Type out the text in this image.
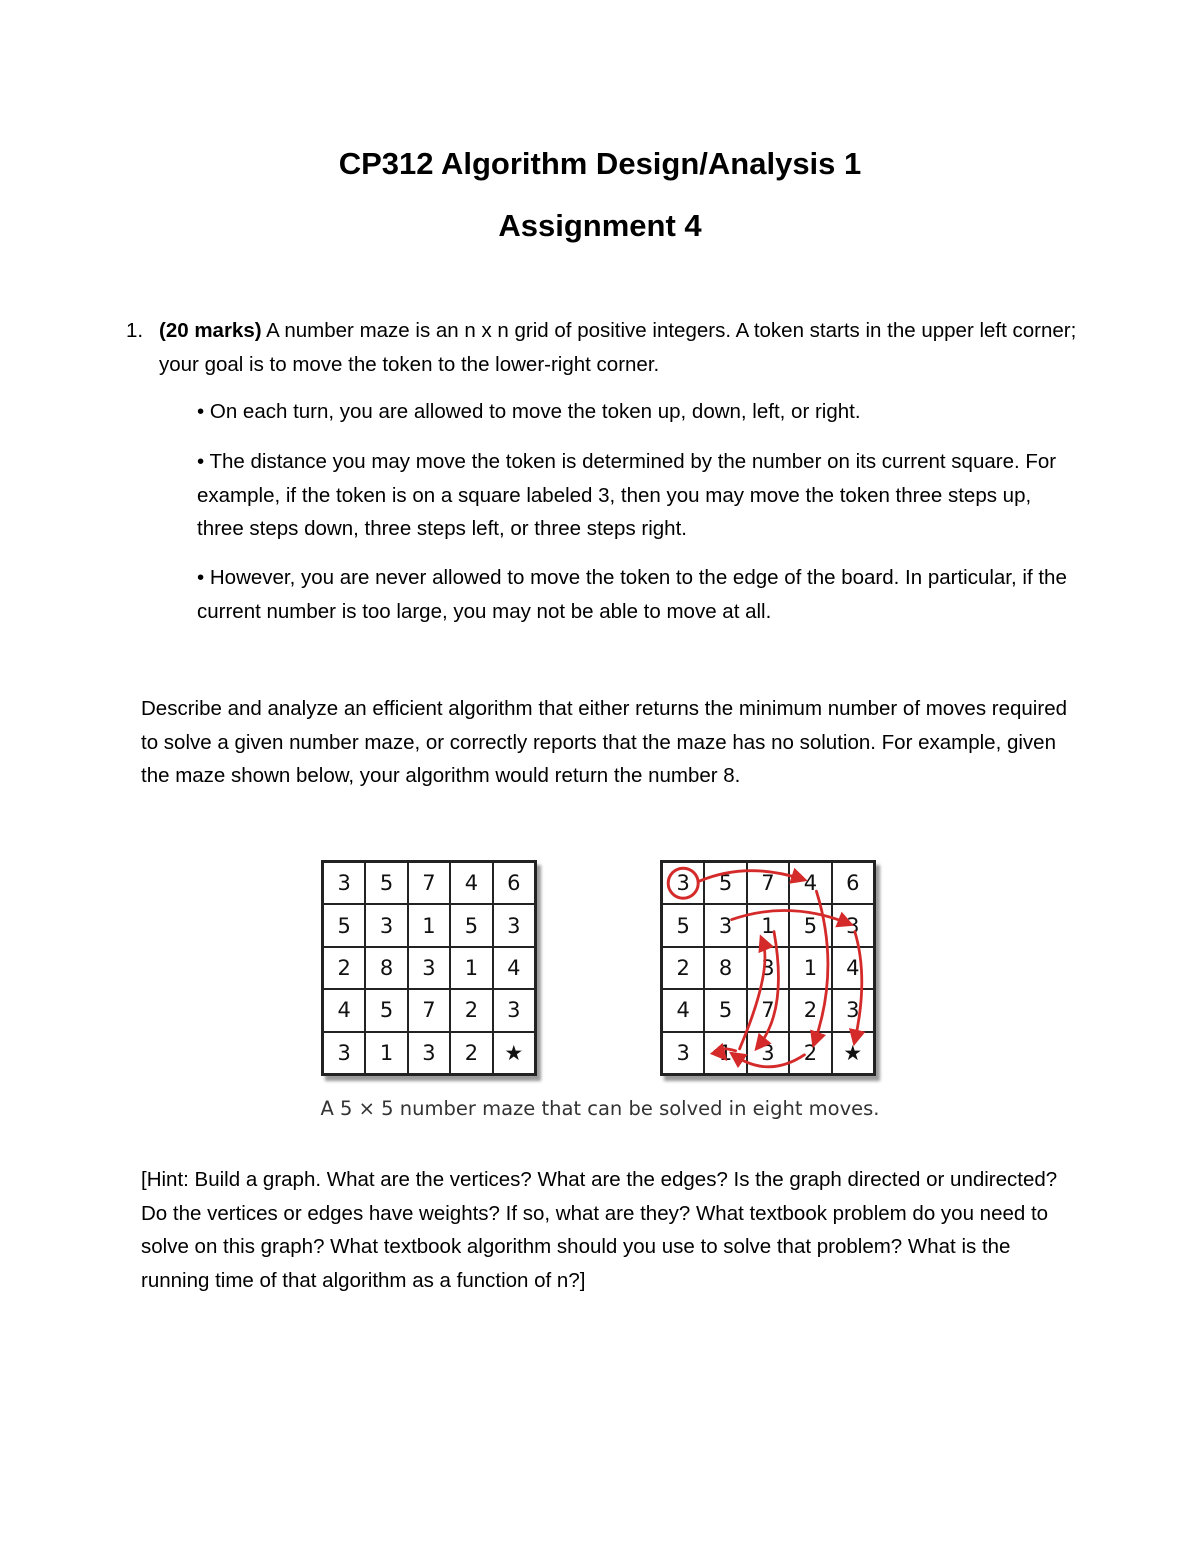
CP312 Algorithm Design/Analysis 1
Assignment 4
1. (20 marks) A number maze is an n x n grid of positive integers. A token starts in the upper left corner; your goal is to move the token to the lower-right corner.
• On each turn, you are allowed to move the token up, down, left, or right.
• The distance you may move the token is determined by the number on its current square. For example, if the token is on a square labeled 3, then you may move the token three steps up, three steps down, three steps left, or three steps right.
• However, you are never allowed to move the token to the edge of the board. In particular, if the current number is too large, you may not be able to move at all.
Describe and analyze an efficient algorithm that either returns the minimum number of moves required to solve a given number maze, or correctly reports that the maze has no solution. For example, given the maze shown below, your algorithm would return the number 8.
3	5	7	4	6
5	3	1	5	3
2	8	3	1	4
4	5	7	2	3
3	1	3	2	★
3	5	7	4	6
5	3	1	5	3
2	8	3	1	4
4	5	7	2	3
3	1	3	2	★
A 5 × 5 number maze that can be solved in eight moves.
[Hint: Build a graph. What are the vertices? What are the edges? Is the graph directed or undirected? Do the vertices or edges have weights? If so, what are they? What textbook problem do you need to solve on this graph? What textbook algorithm should you use to solve that problem? What is the running time of that algorithm as a function of n?]
